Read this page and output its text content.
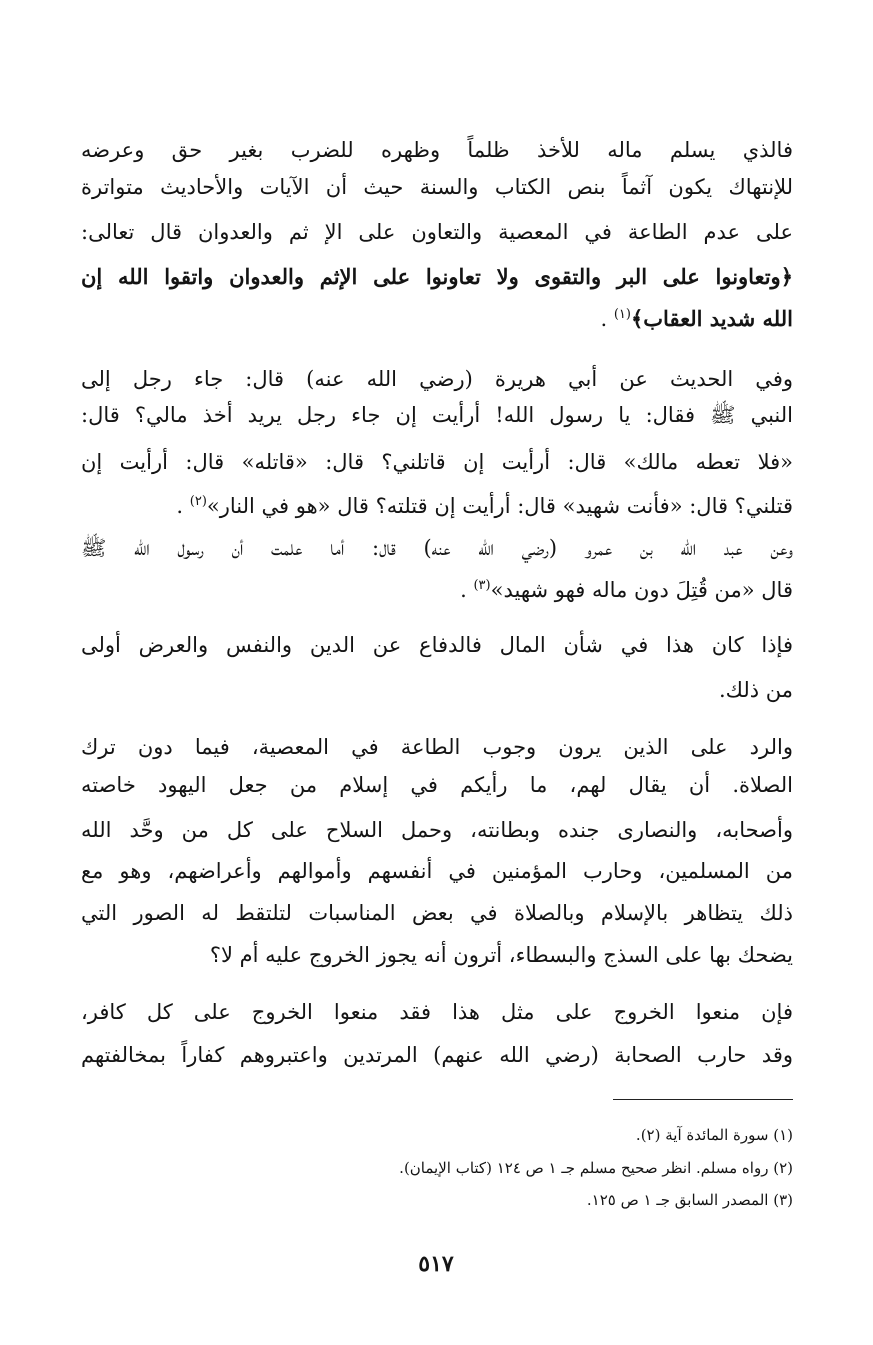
فالذي يسلم ماله للأخذ ظلماً وظهره للضرب بغير حق وعرضه
للإنتهاك يكون آثماً بنص الكتاب والسنة حيث أن الآيات والأحاديث متواترة
على عدم الطاعة في المعصية والتعاون على الإ ثم والعدوان قال تعالى:
﴿وتعاونوا على البر والتقوى ولا تعاونوا على الإثم والعدوان واتقوا الله إن
الله شديد العقاب﴾$^{(١)}$ .
وفي الحديث عن أبي هريرة (رضي الله عنه) قال: جاء رجل إلى
النبي ﷺ فقال: يا رسول الله! أرأيت إن جاء رجل يريد أخذ مالي؟ قال:
«فلا تعطه مالك» قال: أرأيت إن قاتلني؟ قال: «قاتله» قال: أرأيت إن
قتلني؟ قال: «فأنت شهيد» قال: أرأيت إن قتلته؟ قال «هو في النار»$^{(٢)}$ .
وعن عبد الله بن عمرو (رضي الله عنه) قال: أما علمت أن رسول الله ﷺ
قال «من قُتِلَ دون ماله فهو شهيد»$^{(٣)}$ .
فإذا كان هذا في شأن المال فالدفاع عن الدين والنفس والعرض أولى
من ذلك.
والرد على الذين يرون وجوب الطاعة في المعصية، فيما دون ترك
الصلاة. أن يقال لهم، ما رأيكم في إسلام من جعل اليهود خاصته
وأصحابه، والنصارى جنده وبطانته، وحمل السلاح على كل من وحَّد الله
من المسلمين، وحارب المؤمنين في أنفسهم وأموالهم وأعراضهم، وهو مع
ذلك يتظاهر بالإسلام وبالصلاة في بعض المناسبات لتلتقط له الصور التي
يضحك بها على السذج والبسطاء، أترون أنه يجوز الخروج عليه أم لا؟
فإن منعوا الخروج على مثل هذا فقد منعوا الخروج على كل كافر،
وقد حارب الصحابة (رضي الله عنهم) المرتدين واعتبروهم كفاراً بمخالفتهم
(١) سورة المائدة آية (٢).
(٢) رواه مسلم. انظر صحيح مسلم جـ ١ ص ١٢٤ (كتاب الإيمان).
(٣) المصدر السابق جـ ١ ص ١٢٥.
٥١٧
